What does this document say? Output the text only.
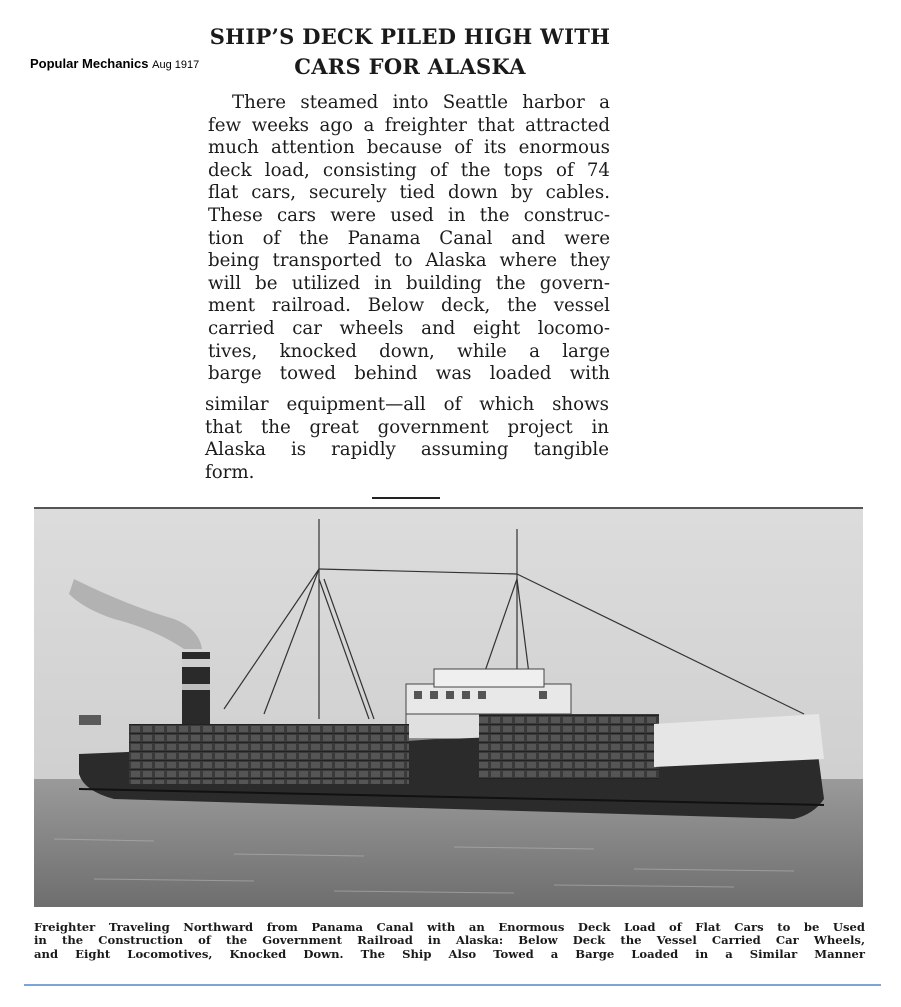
Popular Mechanics Aug 1917
SHIP’S DECK PILED HIGH WITH
CARS FOR ALASKA
There steamed into Seattle harbor a
few weeks ago a freighter that attracted
much attention because of its enormous
deck load, consisting of the tops of 74
flat cars, securely tied down by cables.
These cars were used in the construc-
tion of the Panama Canal and were
being transported to Alaska where they
will be utilized in building the govern-
ment railroad. Below deck, the vessel
carried car wheels and eight locomo-
tives, knocked down, while a large
barge towed behind was loaded with
similar equipment—all of which shows
that the great government project in
Alaska is rapidly assuming tangible
form.
Freighter Traveling Northward from Panama Canal with an Enormous Deck Load of Flat Cars to be Used
in the Construction of the Government Railroad in Alaska: Below Deck the Vessel Carried Car Wheels,
and Eight Locomotives, Knocked Down. The Ship Also Towed a Barge Loaded in a Similar Manner
